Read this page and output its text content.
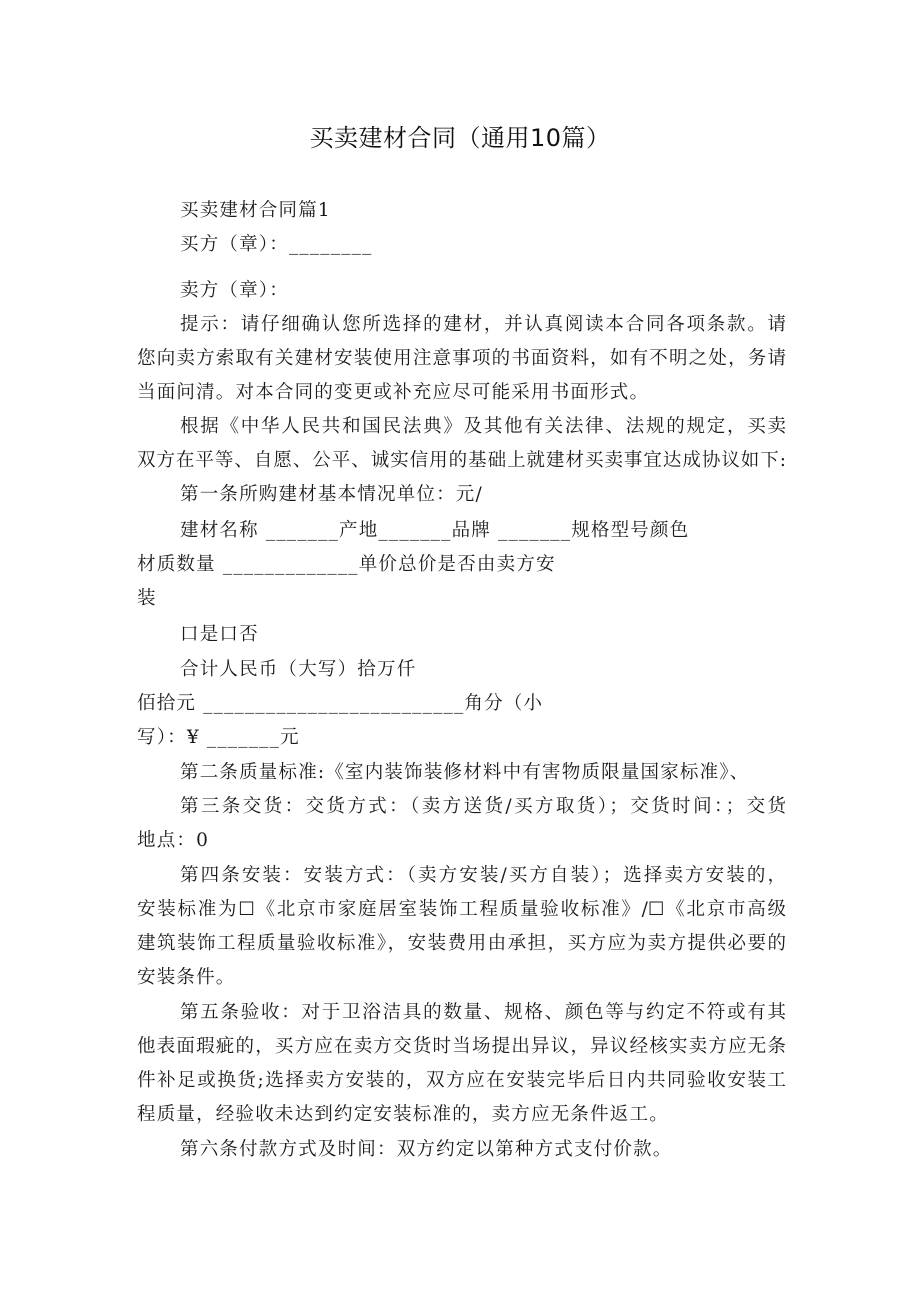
买卖建材合同（通用10篇）
买卖建材合同篇1
买方（章）：________
卖方（章）：
提示：请仔细确认您所选择的建材，并认真阅读本合同各项条款。请
您向卖方索取有关建材安装使用注意事项的书面资料，如有不明之处，务请
当面问清。对本合同的变更或补充应尽可能采用书面形式。
根据《中华人民共和国民法典》及其他有关法律、法规的规定，买卖
双方在平等、自愿、公平、诚实信用的基础上就建材买卖事宜达成协议如下:
第一条所购建材基本情况单位：元/
建材名称 _______产地_______品牌 _______规格型号颜色
材质数量 _____________单价总价是否由卖方安
装
口是口否
合计人民币（大写）拾万仟
佰拾元 _________________________角分（小
写）：¥ _______元
第二条质量标准:《室内装饰装修材料中有害物质限量国家标准》、
第三条交货：交货方式：（卖方送货/买方取货）；交货时间：；交货
地点：0
第四条安装：安装方式：（卖方安装/买方自装）；选择卖方安装的，
安装标准为☐《北京市家庭居室装饰工程质量验收标准》/☐《北京市高级
建筑装饰工程质量验收标准》，安装费用由承担，买方应为卖方提供必要的
安装条件。
第五条验收：对于卫浴洁具的数量、规格、颜色等与约定不符或有其
他表面瑕疵的，买方应在卖方交货时当场提出异议，异议经核实卖方应无条
件补足或换货;选择卖方安装的，双方应在安装完毕后日内共同验收安装工
程质量，经验收未达到约定安装标准的，卖方应无条件返工。
第六条付款方式及时间：双方约定以第种方式支付价款。
